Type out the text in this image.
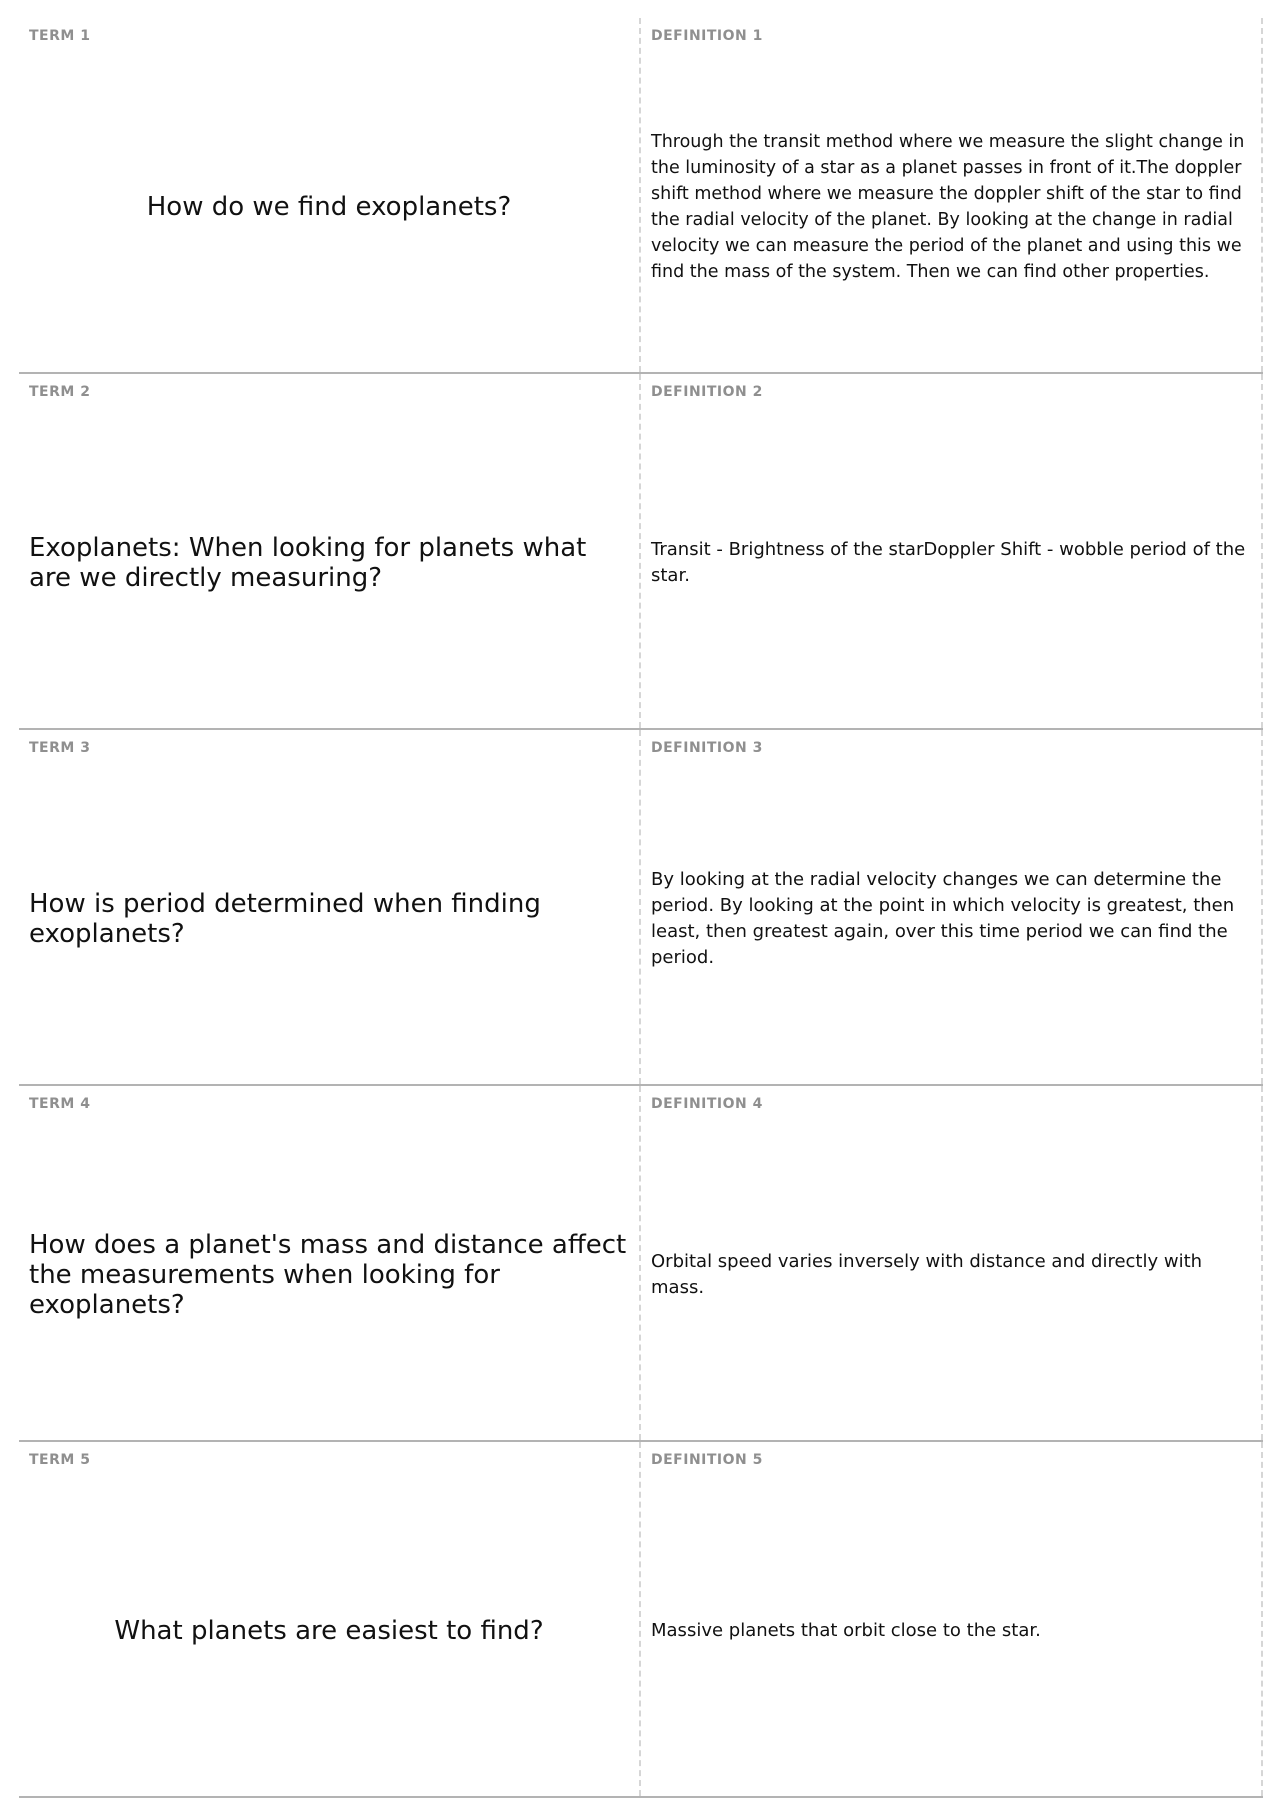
TERM 1
How do we find exoplanets?
DEFINITION 1
Through the transit method where we measure the slight change in the luminosity of a star as a planet passes in front of it.The doppler shift method where we measure the doppler shift of the star to find the radial velocity of the planet. By looking at the change in radial velocity we can measure the period of the planet and using this we find the mass of the system. Then we can find other properties.
TERM 2
Exoplanets: When looking for planets what are we directly measuring?
DEFINITION 2
Transit - Brightness of the starDoppler Shift - wobble period of the star.
TERM 3
How is period determined when finding exoplanets?
DEFINITION 3
By looking at the radial velocity changes we can determine the period. By looking at the point in which velocity is greatest, then least, then greatest again, over this time period we can find the period.
TERM 4
How does a planet's mass and distance affect the measurements when looking for exoplanets?
DEFINITION 4
Orbital speed varies inversely with distance and directly with mass.
TERM 5
What planets are easiest to find?
DEFINITION 5
Massive planets that orbit close to the star.
